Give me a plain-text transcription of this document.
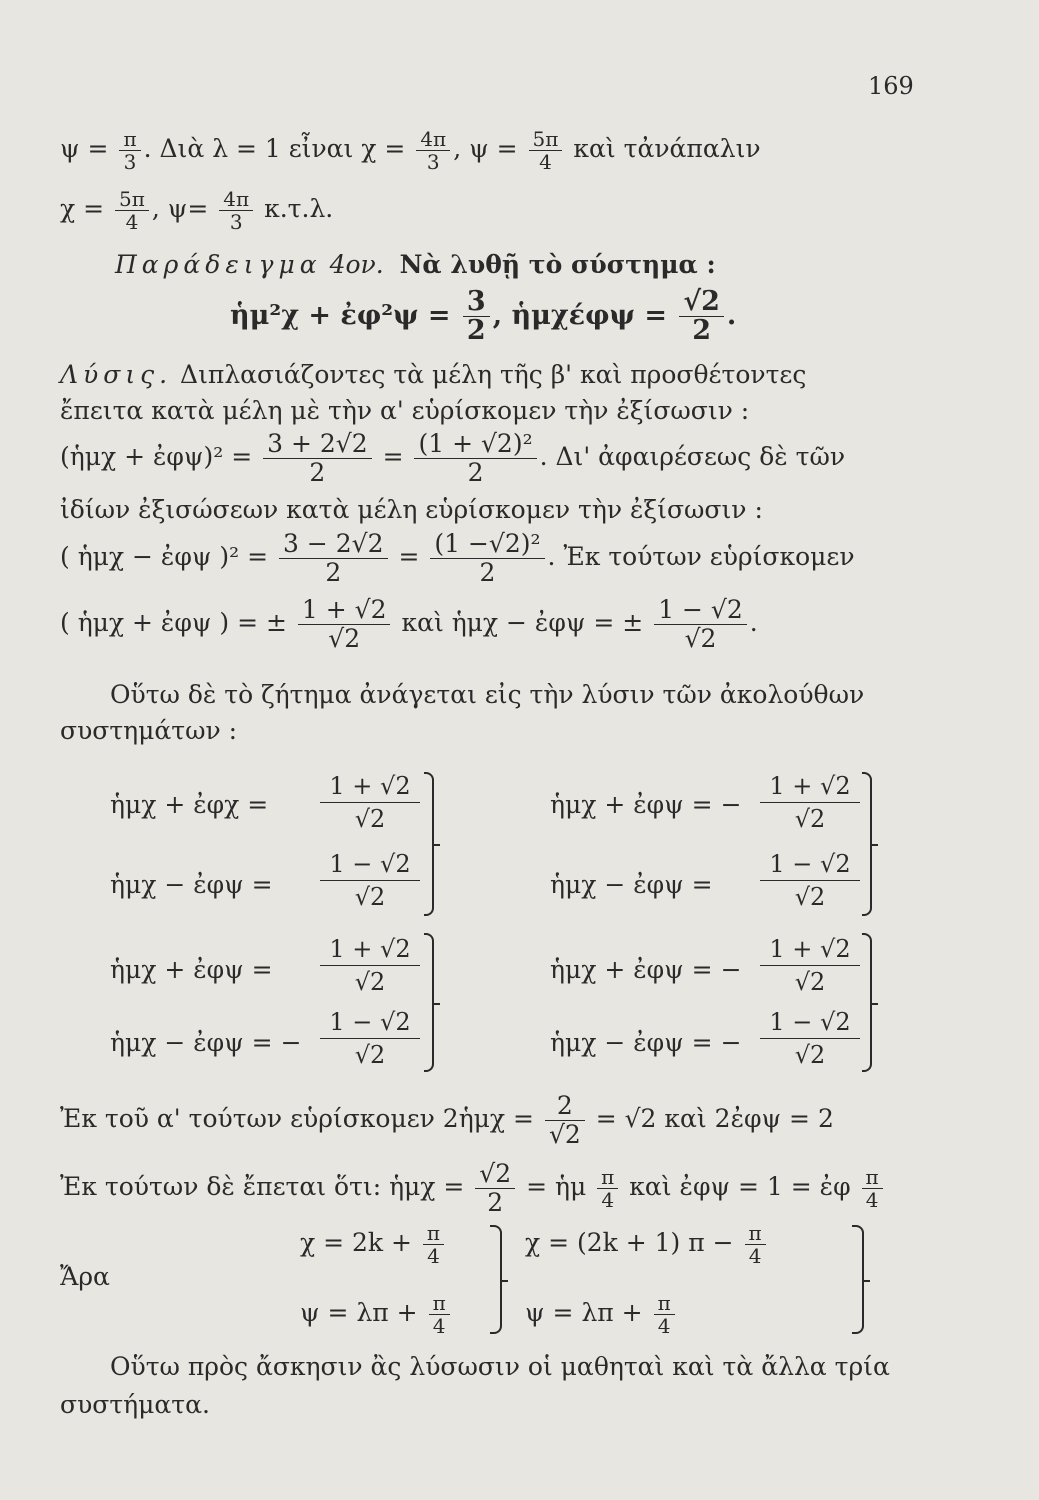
169
$\psi = \frac{\pi}{3}$ . Διὰ λ = 1 εἶναι $\chi = \frac{4\pi}{3}$ , $\psi = \frac{5\pi}{4}$ καὶ τἀνάπαλιν
$\chi = \frac{5\pi}{4}$ , $\psi= \frac{4\pi}{3} \kappa.\tau.\lambda$.
Παράδειγμα 4ον. Νὰ λυθῇ τὸ σύστημα :
ἡμ²χ + ἐφ²ψ = $\frac{3}{2}$ , ἡμχέφψ = $\frac{√2}{2}$ .
Λύσις. Διπλασιάζοντες τὰ μέλη τῆς β' καὶ προσθέτοντες
ἔπειτα κατὰ μέλη μὲ τὴν α' εὑρίσκομεν τὴν ἐξίσωσιν :
(ἡμχ + ἐφψ)² = $\frac{3 + 2√2}{2} = \frac{\text{(1 + √2)²}}{2}$ . Δι' ἀφαιρέσεως δὲ τῶν
ἰδίων ἐξισώσεων κατὰ μέλη εὑρίσκομεν τὴν ἐξίσωσιν :
( ἡμχ − ἐφψ )$^2 = \frac{3 - 2√2}{2} = \frac{\text{(1 −√2)²}}{2}$ . Ἐκ τούτων εὑρίσκομεν
( ἡμχ + ἐφψ ) = ± $\frac{1 + √2}{√2}$ καὶ ἡμχ − ἐφψ = ± $\frac{1 - √2}{√2}$ .
Οὕτω δὲ τὸ ζήτημα ἀνάγεται εἰς τὴν λύσιν τῶν ἀκολούθων
συστημάτων :
ἡμχ + ἐφχ = $\frac{1 + √2}{√2}$
ἡμχ − ἐφψ = $\frac{1 - √2}{√2}$
ἡμχ + ἐφψ = − $\frac{1 + √2}{√2}$
ἡμχ − ἐφψ = $\frac{1 - √2}{√2}$
ἡμχ + ἐφψ = $\frac{1 + √2}{√2}$
ἡμχ − ἐφψ = − $\frac{1 - √2}{√2}$
ἡμχ + ἐφψ = − $\frac{1 + √2}{√2}$
ἡμχ − ἐφψ = − $\frac{1 - √2}{√2}$
Ἐκ τοῦ α' τούτων εὑρίσκομεν 2ἡμχ = $\frac{2}{√2} = √2$ καὶ 2ἐφψ = 2
Ἐκ τούτων δὲ ἔπεται ὅτι: ἡμχ = $\frac{√2}{2}$ = ἡμ $\frac{\pi}{4}$ καὶ ἐφψ = 1 = ἐφ $\frac{\pi}{4}$
Ἄρα
$\chi = 2k + \frac{\pi}{4}$
$\psi = \lambda\pi + \frac{\pi}{4}$
χ = (2k + 1) $\pi - \frac{\pi}{4}$
$\psi = \lambda\pi + \frac{\pi}{4}$
Οὕτω πρὸς ἄσκησιν ἂς λύσωσιν οἱ μαθηταὶ καὶ τὰ ἄλλα τρία
συστήματα.
